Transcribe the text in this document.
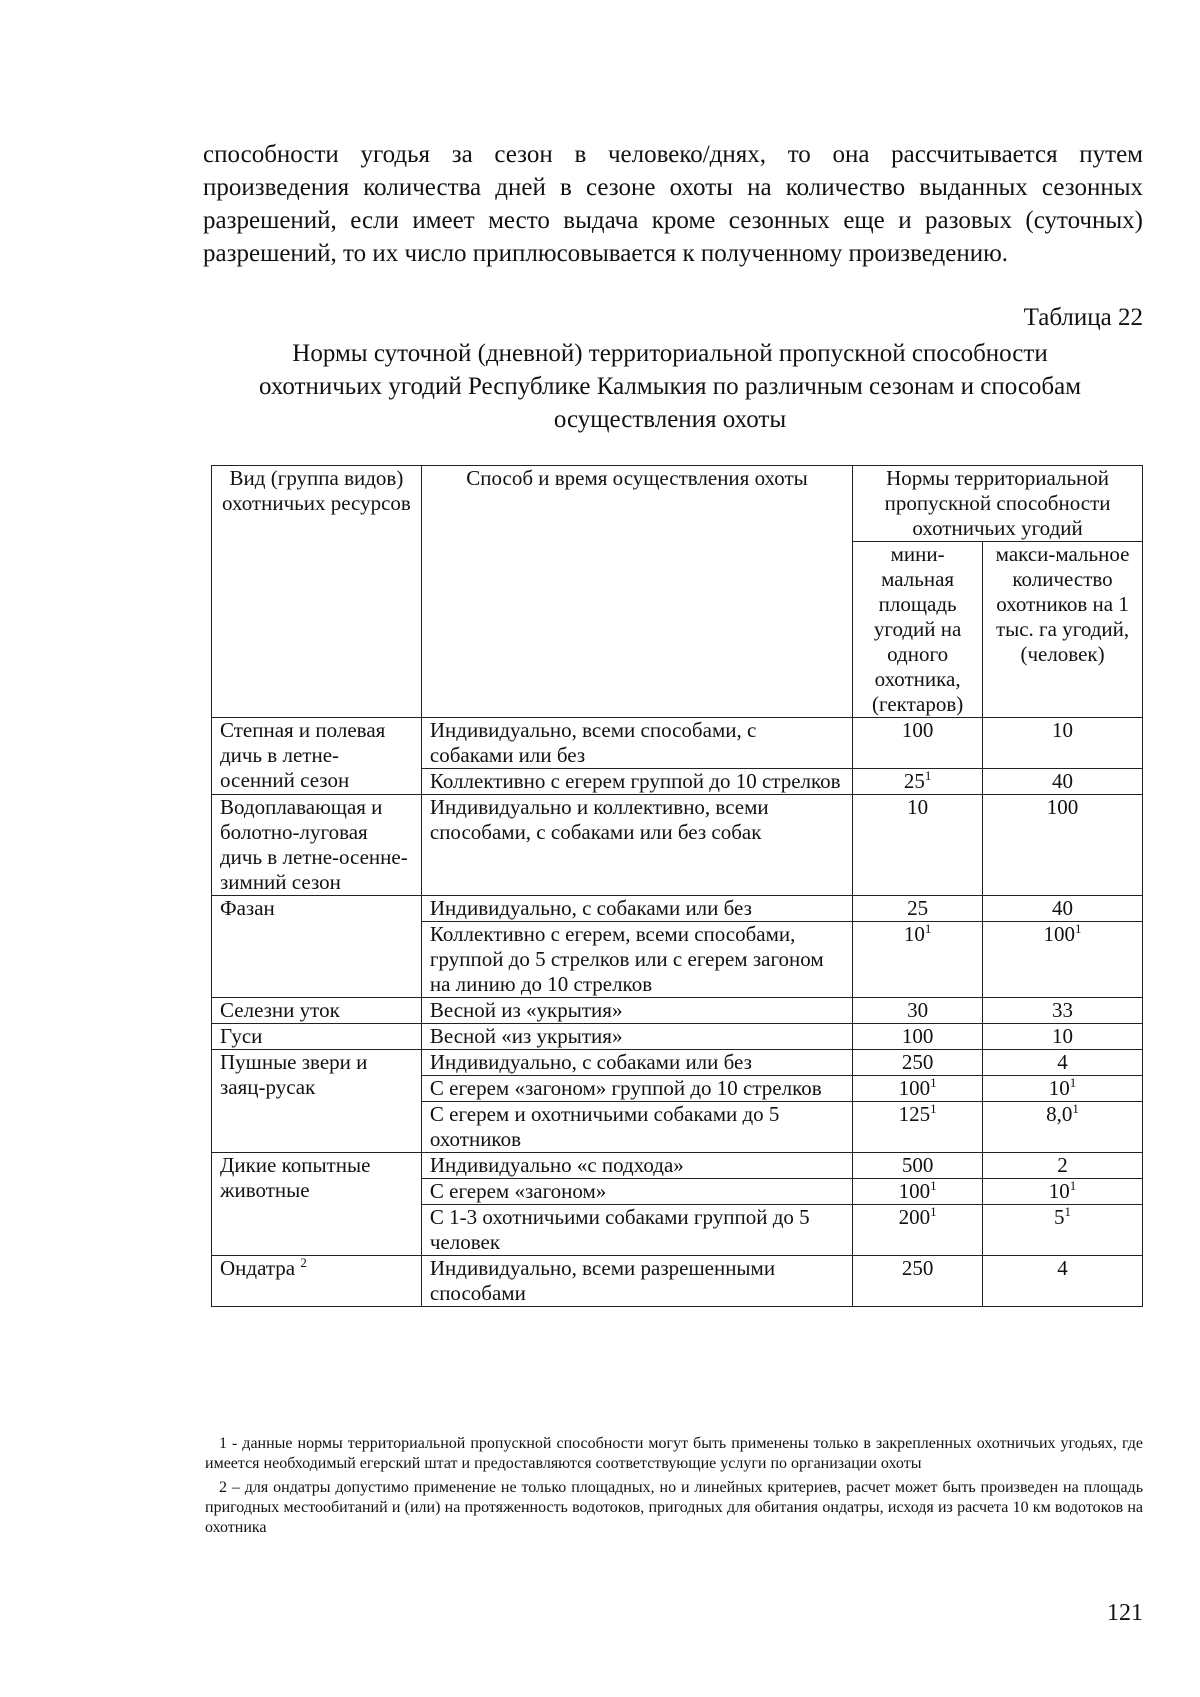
способности угодья за сезон в человеко/днях, то она рассчитывается путем произведения количества дней в сезоне охоты на количество выданных сезонных разрешений, если имеет место выдача кроме сезонных еще и разовых (суточных) разрешений, то их число приплюсовывается к полученному произведению.

Таблица 22
Нормы суточной (дневной) территориальной пропускной способности
охотничьих угодий Республике Калмыкия по различным сезонам и способам
осуществления охоты
Вид (группа видов) охотничьих ресурсов	Способ и время осуществления охоты	Нормы территориальной пропускной способности охотничьих угодий	
		мини-мальная площадь угодий на одного охотника, (гектаров)	макси-мальное количество охотников на 1 тыс. га угодий, (человек)
Степная и полевая дичь в летне-осенний сезон	Индивидуально, всеми способами, с собаками или без	100	10
	Коллективно с егерем группой до 10 стрелков	$25^1$	40
Водоплавающая и болотно-луговая дичь в летне-осенне-зимний сезон	Индивидуально и коллективно, всеми способами, с собаками или без собак	10	100
Фазан	Индивидуально, с собаками или без	25	40
	Коллективно с егерем, всеми способами, группой до 5 стрелков или с егерем загоном на линию до 10 стрелков	$10^1$	$100^1$
Селезни уток	Весной из «укрытия»	30	33
Гуси	Весной «из укрытия»	100	10
Пушные звери и заяц-русак	Индивидуально, с собаками или без	250	4
	С егерем «загоном» группой до 10 стрелков	$100^1$	$10^1$
	С егерем и охотничьими собаками до 5 охотников	$125^1$	$8,0^1$
Дикие копытные животные	Индивидуально «с подхода»	500	2
	С егерем «загоном»	$100^1$	$10^1$
	С 1-3 охотничьими собаками группой до 5 человек	$200^1$	$5^1$
Ондатра $^2$	Индивидуально, всеми разрешенными способами	250	4

1 - данные нормы территориальной пропускной способности могут быть применены только в закрепленных охотничьих угодьях, где имеется необходимый егерский штат и предоставляются соответствующие услуги по организации охоты

2 – для ондатры допустимо применение не только площадных, но и линейных критериев, расчет может быть произведен на площадь пригодных местообитаний и (или) на протяженность водотоков, пригодных для обитания ондатры, исходя из расчета 10 км водотоков на охотника

121
